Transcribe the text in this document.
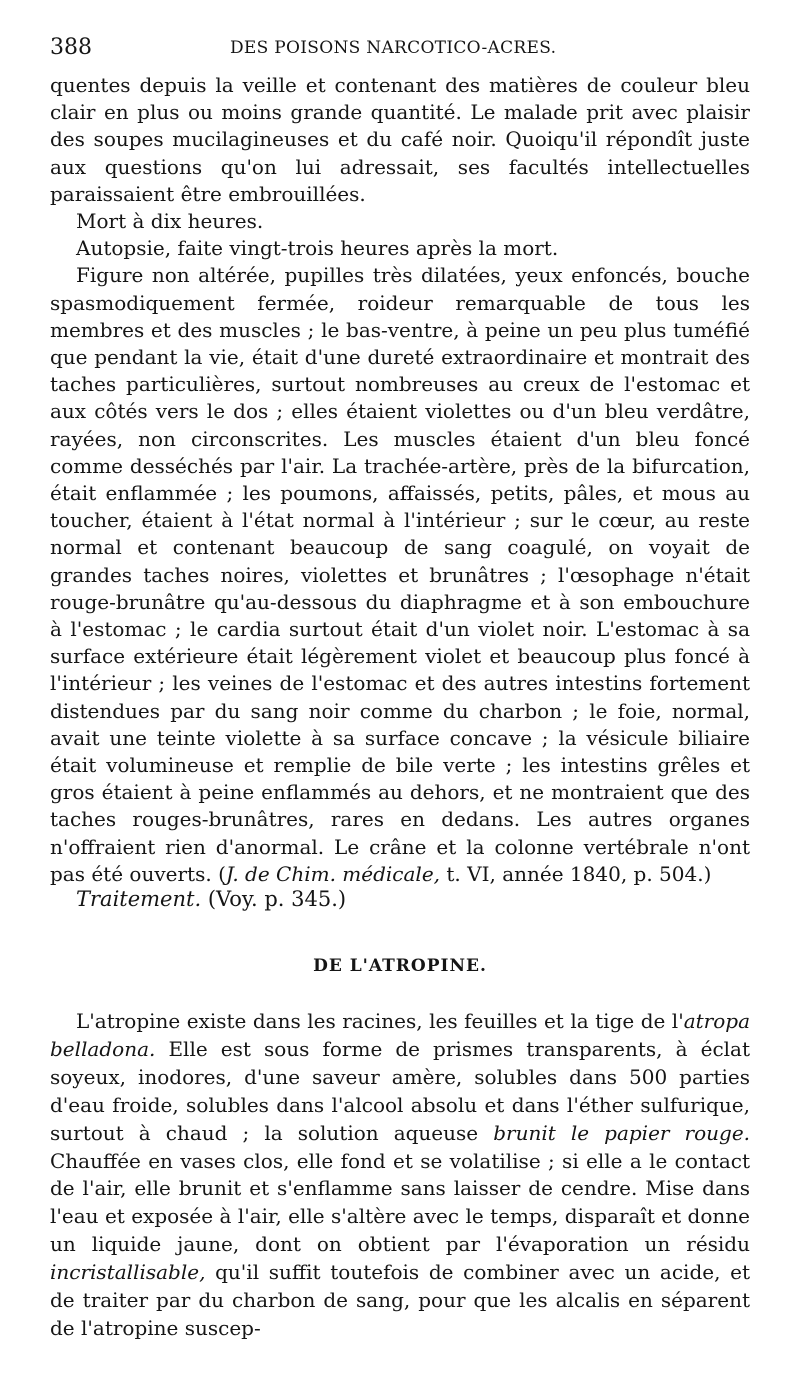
388	DES POISONS NARCOTICO-ACRES.

quentes depuis la veille et contenant des matières de couleur bleu clair en plus ou moins grande quantité. Le malade prit avec plaisir des soupes mucilagineuses et du café noir. Quoiqu'il répondît juste aux questions qu'on lui adressait, ses facultés intellectuelles paraissaient être embrouillées.

Mort à dix heures.

Autopsie, faite vingt-trois heures après la mort.

Figure non altérée, pupilles très dilatées, yeux enfoncés, bouche spasmodiquement fermée, roideur remarquable de tous les membres et des muscles ; le bas-ventre, à peine un peu plus tuméfié que pendant la vie, était d'une dureté extraordinaire et montrait des taches particulières, surtout nombreuses au creux de l'estomac et aux côtés vers le dos ; elles étaient violettes ou d'un bleu verdâtre, rayées, non circonscrites. Les muscles étaient d'un bleu foncé comme desséchés par l'air. La trachée-artère, près de la bifurcation, était enflammée ; les poumons, affaissés, petits, pâles, et mous au toucher, étaient à l'état normal à l'intérieur ; sur le cœur, au reste normal et contenant beaucoup de sang coagulé, on voyait de grandes taches noires, violettes et brunâtres ; l'œsophage n'était rouge-brunâtre qu'au-dessous du diaphragme et à son embouchure à l'estomac ; le cardia surtout était d'un violet noir. L'estomac à sa surface extérieure était légèrement violet et beaucoup plus foncé à l'intérieur ; les veines de l'estomac et des autres intestins fortement distendues par du sang noir comme du charbon ; le foie, normal, avait une teinte violette à sa surface concave ; la vésicule biliaire était volumineuse et remplie de bile verte ; les intestins grêles et gros étaient à peine enflammés au dehors, et ne montraient que des taches rouges-brunâtres, rares en dedans. Les autres organes n'offraient rien d'anormal. Le crâne et la colonne vertébrale n'ont pas été ouverts. (J. de Chim. médicale, t. VI, année 1840, p. 504.)

Traitement. (Voy. p. 345.)
DE L'ATROPINE.

L'atropine existe dans les racines, les feuilles et la tige de l'atropa belladona. Elle est sous forme de prismes transparents, à éclat soyeux, inodores, d'une saveur amère, solubles dans 500 parties d'eau froide, solubles dans l'alcool absolu et dans l'éther sulfurique, surtout à chaud ; la solution aqueuse brunit le papier rouge. Chauffée en vases clos, elle fond et se volatilise ; si elle a le contact de l'air, elle brunit et s'enflamme sans laisser de cendre. Mise dans l'eau et exposée à l'air, elle s'altère avec le temps, disparaît et donne un liquide jaune, dont on obtient par l'évaporation un résidu incristallisable, qu'il suffit toutefois de combiner avec un acide, et de traiter par du charbon de sang, pour que les alcalis en séparent de l'atropine suscep-
